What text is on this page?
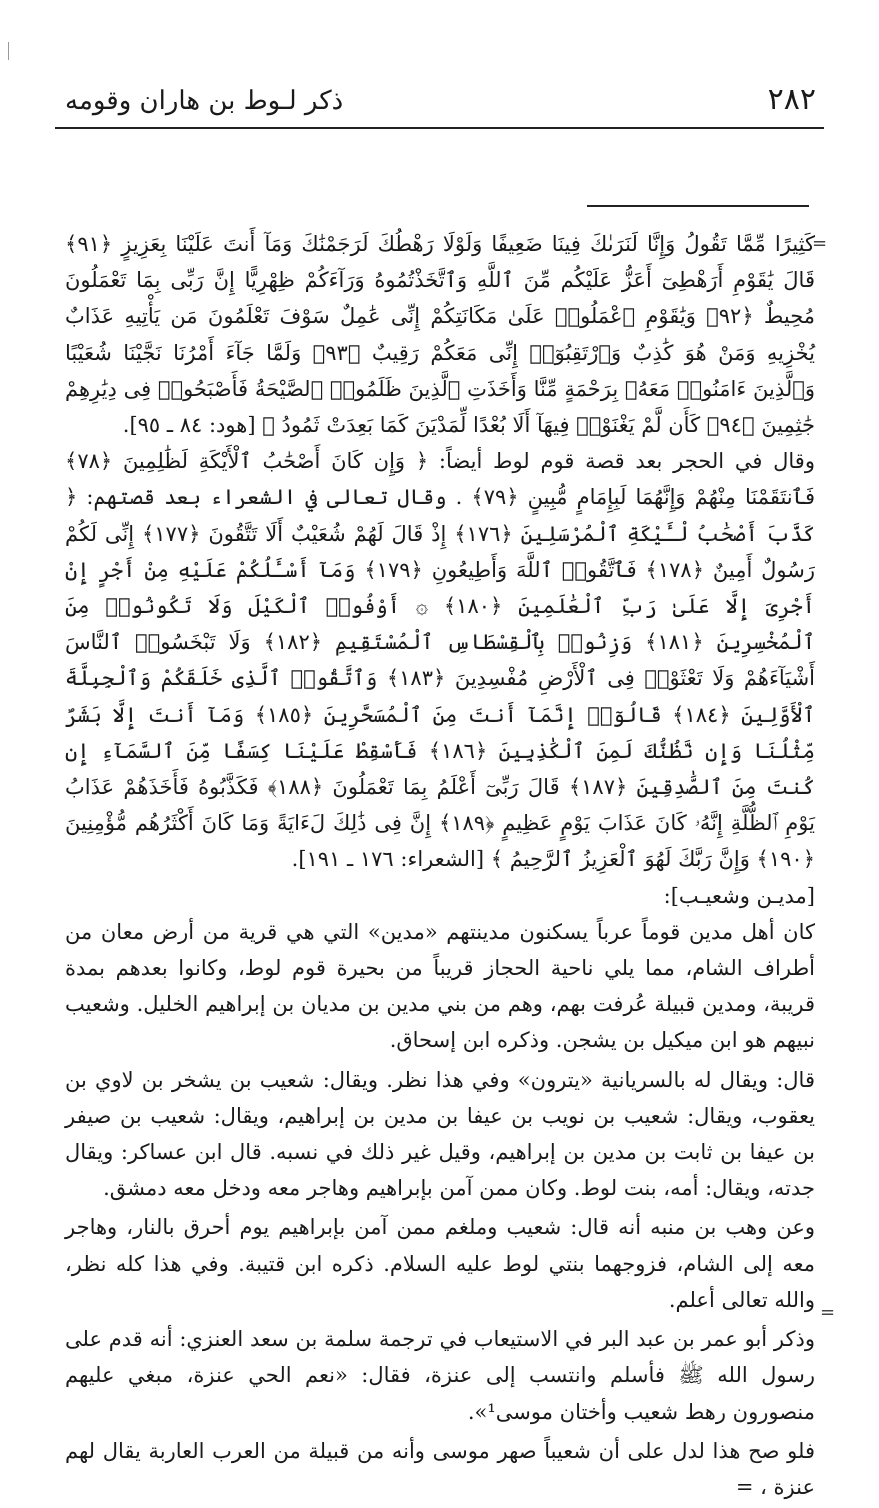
٢٨٢
ذكر لـوط بن هاران وقومه
=
=

كَثِيرًا مِّمَّا تَقُولُ وَإِنَّا لَنَرَىٰكَ فِينَا ضَعِيفًا وَلَوْلَا رَهْطُكَ لَرَجَمْنَٰكَ وَمَآ أَنتَ عَلَيْنَا بِعَزِيزٍ ﴿٩١﴾ قَالَ يَٰقَوْمِ أَرَهْطِىٓ أَعَزُّ عَلَيْكُم مِّنَ ٱللَّهِ وَٱتَّخَذْتُمُوهُ وَرَآءَكُمْ ظِهْرِيًّا إِنَّ رَبِّى بِمَا تَعْمَلُونَ مُحِيطٌ ﴿٩٢﴾ وَيَٰقَوْمِ ٱعْمَلُوا۟ عَلَىٰ مَكَانَتِكُمْ إِنِّى عَٰمِلٌ سَوْفَ تَعْلَمُونَ مَن يَأْتِيهِ عَذَابٌ يُخْزِيهِ وَمَنْ هُوَ كَٰذِبٌ وَٱرْتَقِبُوٓا۟ إِنِّى مَعَكُمْ رَقِيبٌ ﴿٩٣﴾ وَلَمَّا جَآءَ أَمْرُنَا نَجَّيْنَا شُعَيْبًا وَٱلَّذِينَ ءَامَنُوا۟ مَعَهُۥ بِرَحْمَةٍ مِّنَّا وَأَخَذَتِ ٱلَّذِينَ ظَلَمُوا۟ ٱلصَّيْحَةُ فَأَصْبَحُوا۟ فِى دِيَٰرِهِمْ جَٰثِمِينَ ﴿٩٤﴾ كَأَن لَّمْ يَغْنَوْا۟ فِيهَآ أَلَا بُعْدًا لِّمَدْيَنَ كَمَا بَعِدَتْ ثَمُودُ ﴾ [هود: ٨٤ ـ ٩٥].

وقال في الحجر بعد قصة قوم لوط أيضاً: ﴿ وَإِن كَانَ أَصْحَٰبُ ٱلْأَيْكَةِ لَظَٰلِمِينَ ﴿٧٨﴾ فَٱنتَقَمْنَا مِنْهُمْ وَإِنَّهُمَا لَبِإِمَامٍ مُّبِينٍ ﴿٧٩﴾ . وقال تعالى في الشعراء بعد قصتهم: ﴿ كَذَّبَ أَصْحَٰبُ لْـَٔيْكَةِ ٱلْمُرْسَلِينَ ﴿١٧٦﴾ إِذْ قَالَ لَهُمْ شُعَيْبٌ أَلَا تَتَّقُونَ ﴿١٧٧﴾ إِنِّى لَكُمْ رَسُولٌ أَمِينٌ ﴿١٧٨﴾ فَٱتَّقُوا۟ ٱللَّهَ وَأَطِيعُونِ ﴿١٧٩﴾ وَمَآ أَسْـَٔلُكُمْ عَلَيْهِ مِنْ أَجْرٍ إِنْ أَجْرِىَ إِلَّا عَلَىٰ رَبِّ ٱلْعَٰلَمِينَ ﴿١٨٠﴾ ۞ أَوْفُوا۟ ٱلْكَيْلَ وَلَا تَكُونُوا۟ مِنَ ٱلْمُخْسِرِينَ ﴿١٨١﴾ وَزِنُوا۟ بِٱلْقِسْطَاسِ ٱلْمُسْتَقِيمِ ﴿١٨٢﴾ وَلَا تَبْخَسُوا۟ ٱلنَّاسَ أَشْيَآءَهُمْ وَلَا تَعْثَوْا۟ فِى ٱلْأَرْضِ مُفْسِدِينَ ﴿١٨٣﴾ وَٱتَّقُوا۟ ٱلَّذِى خَلَقَكُمْ وَٱلْجِبِلَّةَ ٱلْأَوَّلِينَ ﴿١٨٤﴾ قَالُوٓا۟ إِنَّمَآ أَنتَ مِنَ ٱلْمُسَحَّرِينَ ﴿١٨٥﴾ وَمَآ أَنتَ إِلَّا بَشَرٌ مِّثْلُنَا وَإِن نَّظُنُّكَ لَمِنَ ٱلْكَٰذِبِينَ ﴿١٨٦﴾ فَأَسْقِطْ عَلَيْنَا كِسَفًا مِّنَ ٱلسَّمَآءِ إِن كُنتَ مِنَ ٱلصَّٰدِقِينَ ﴿١٨٧﴾ قَالَ رَبِّىٓ أَعْلَمُ بِمَا تَعْمَلُونَ ﴿١٨٨﴾ فَكَذَّبُوهُ فَأَخَذَهُمْ عَذَابُ يَوْمِ ٱلظُّلَّةِ إِنَّهُۥ كَانَ عَذَابَ يَوْمٍ عَظِيمٍ ﴿١٨٩﴾ إِنَّ فِى ذَٰلِكَ لَءَايَةً وَمَا كَانَ أَكْثَرُهُم مُّؤْمِنِينَ ﴿١٩٠﴾ وَإِنَّ رَبَّكَ لَهُوَ ٱلْعَزِيزُ ٱلرَّحِيمُ ﴾ [الشعراء: ١٧٦ ـ ١٩١].

[مديـن وشعيـب]:

كان أهل مدين قوماً عرباً يسكنون مدينتهم «مدين» التي هي قرية من أرض معان من أطراف الشام، مما يلي ناحية الحجاز قريباً من بحيرة قوم لوط، وكانوا بعدهم بمدة قريبة، ومدين قبيلة عُرفت بهم، وهم من بني مدين بن مديان بن إبراهيم الخليل. وشعيب نبيهم هو ابن ميكيل بن يشجن. وذكره ابن إسحاق.

قال: ويقال له بالسريانية «يترون» وفي هذا نظر. ويقال: شعيب بن يشخر بن لاوي بن يعقوب، ويقال: شعيب بن نويب بن عيفا بن مدين بن إبراهيم، ويقال: شعيب بن صيفر بن عيفا بن ثابت بن مدين بن إبراهيم، وقيل غير ذلك في نسبه. قال ابن عساكر: ويقال جدته، ويقال: أمه، بنت لوط. وكان ممن آمن بإبراهيم وهاجر معه ودخل معه دمشق.

وعن وهب بن منبه أنه قال: شعيب وملغم ممن آمن بإبراهيم يوم أحرق بالنار، وهاجر معه إلى الشام، فزوجهما بنتي لوط عليه السلام. ذكره ابن قتيبة. وفي هذا كله نظر، والله تعالى أعلم.

وذكر أبو عمر بن عبد البر في الاستيعاب في ترجمة سلمة بن سعد العنزي: أنه قدم على رسول الله ﷺ فأسلم وانتسب إلى عنزة، فقال: «نعم الحي عنزة، مبغي عليهم منصورون رهط شعيب وأختان موسى¹».

فلو صح هذا لدل على أن شعيباً صهر موسى وأنه من قبيلة من العرب العاربة يقال لهم عنزة ، =
